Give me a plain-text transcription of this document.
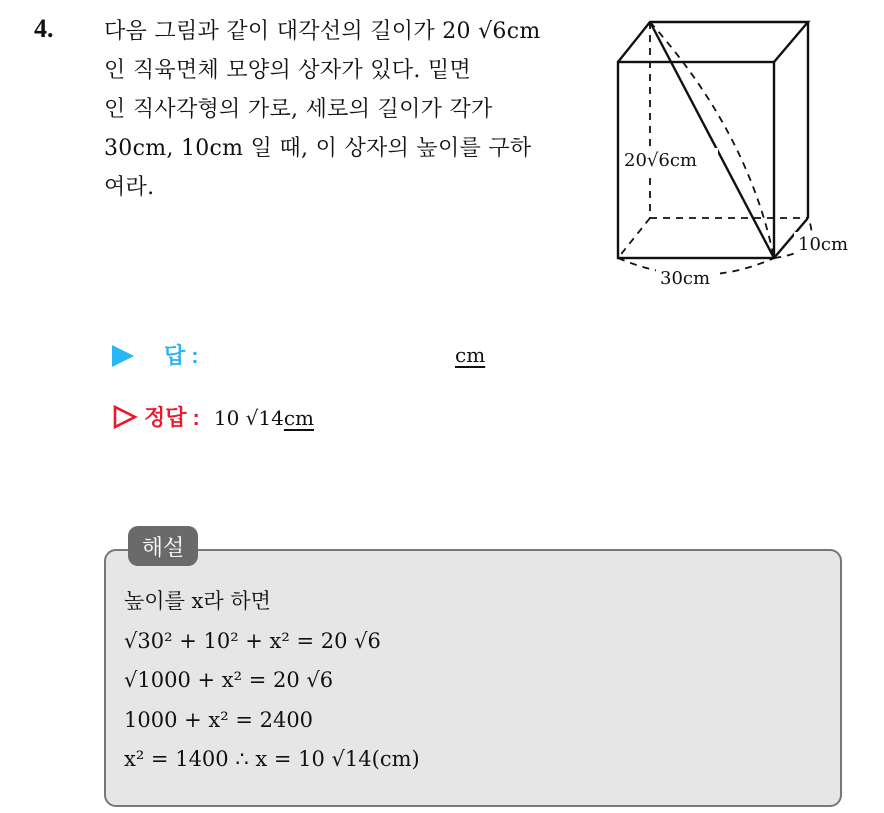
4. 다음 그림과 같이 대각선의 길이가 20 √6cm
인 직육면체 모양의 상자가 있다. 밑면
인 직사각형의 가로, 세로의 길이가 각가
30cm, 10cm 일 때, 이 상자의 높이를 구하
여라.
20√6cm
10cm
30cm
답 :	cm
정답 : 10 √14 cm
해설
높이를 x라 하면
√30² + 10² + x² = 20 √6
√1000 + x² = 20 √6
1000 + x² = 2400
x² = 1400 ∴ x = 10 √14(cm)
